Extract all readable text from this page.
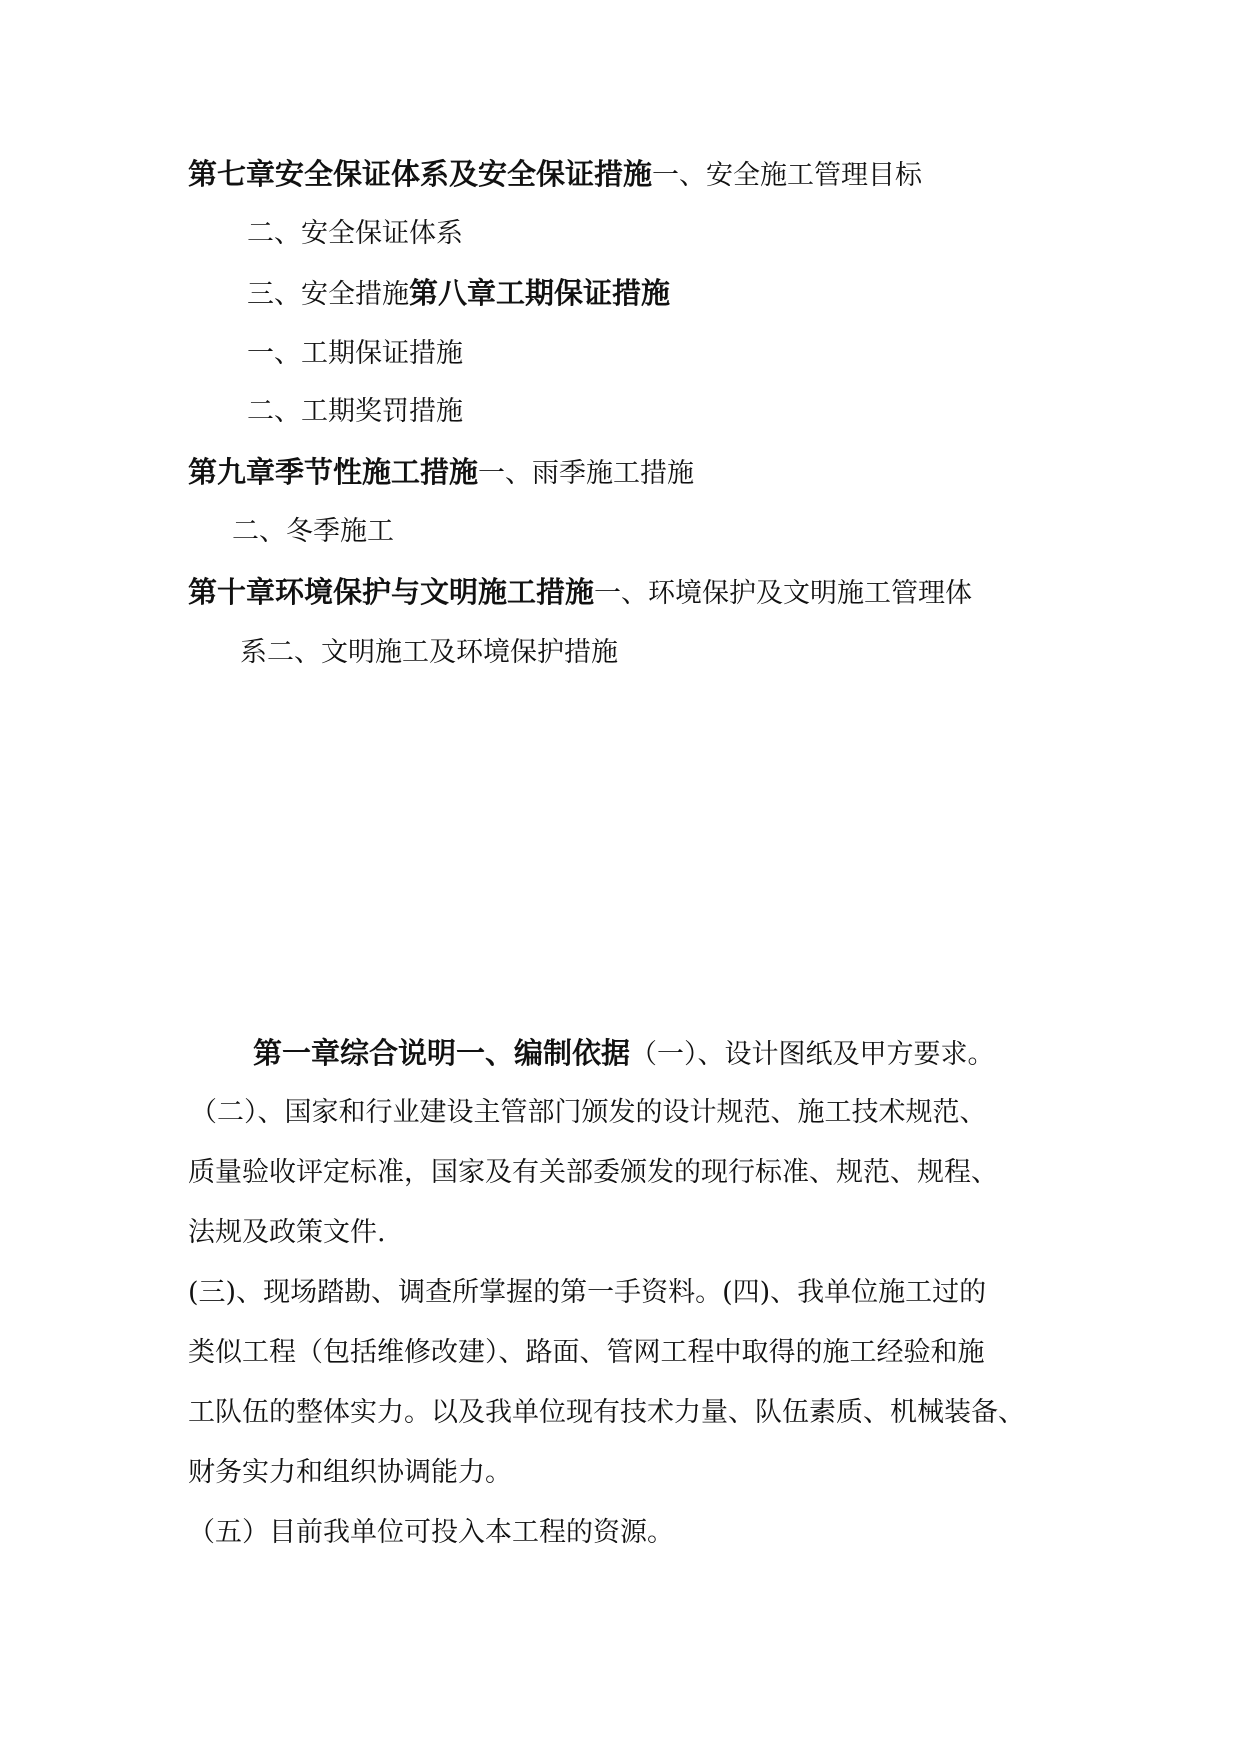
第七章安全保证体系及安全保证措施一、安全施工管理目标
二、安全保证体系
三、安全措施第八章工期保证措施
一、工期保证措施
二、工期奖罚措施
第九章季节性施工措施一、雨季施工措施
二、冬季施工
第十章环境保护与文明施工措施一、环境保护及文明施工管理体
系二、文明施工及环境保护措施
第一章综合说明一、编制依据（一）、设计图纸及甲方要求。
（二）、国家和行业建设主管部门颁发的设计规范、施工技术规范、
质量验收评定标准，国家及有关部委颁发的现行标准、规范、规程、
法规及政策文件.
(三)、现场踏勘、调查所掌握的第一手资料。(四)、我单位施工过的
类似工程（包括维修改建）、路面、管网工程中取得的施工经验和施
工队伍的整体实力。以及我单位现有技术力量、队伍素质、机械装备、
财务实力和组织协调能力。
（五）目前我单位可投入本工程的资源。
